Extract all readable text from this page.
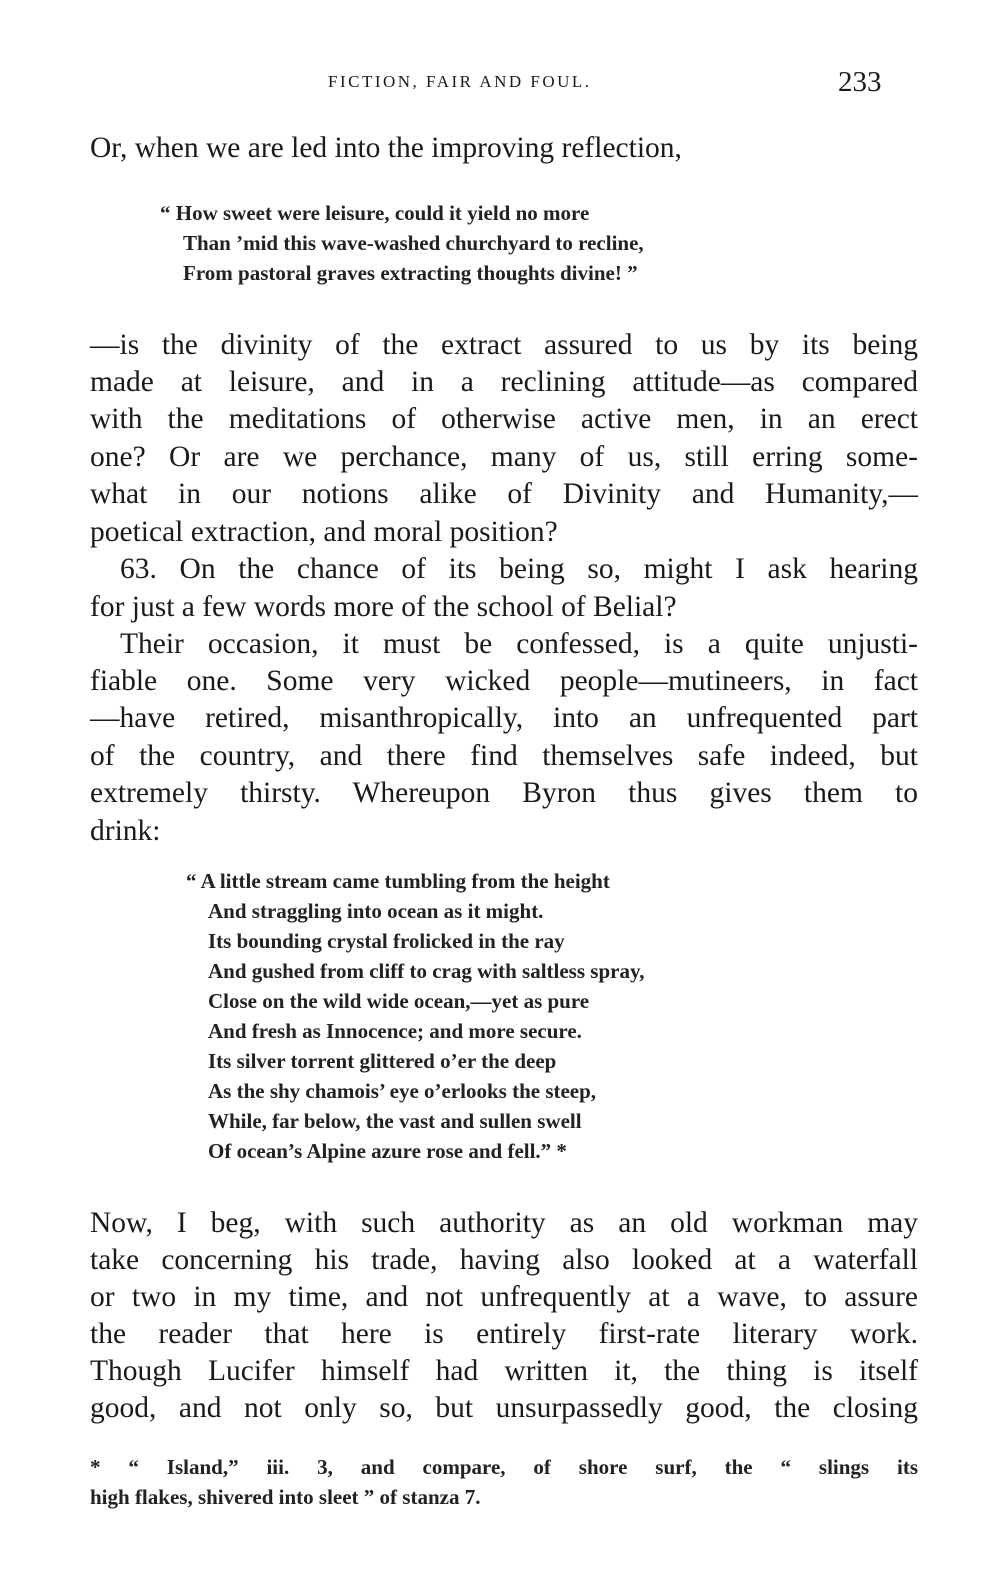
FICTION, FAIR AND FOUL.	233
Or, when we are led into the improving reflection,
“ How sweet were leisure, could it yield no more
Than ’mid this wave-washed churchyard to recline,
From pastoral graves extracting thoughts divine! ”
—is the divinity of the extract assured to us by its being
made at leisure, and in a reclining attitude—as compared
with the meditations of otherwise active men, in an erect
one? Or are we perchance, many of us, still erring some-
what in our notions alike of Divinity and Humanity,—
poetical extraction, and moral position?
63. On the chance of its being so, might I ask hearing
for just a few words more of the school of Belial?
Their occasion, it must be confessed, is a quite unjusti-
fiable one. Some very wicked people—mutineers, in fact
—have retired, misanthropically, into an unfrequented part
of the country, and there find themselves safe indeed, but
extremely thirsty. Whereupon Byron thus gives them to
drink:
“ A little stream came tumbling from the height
And straggling into ocean as it might.
Its bounding crystal frolicked in the ray
And gushed from cliff to crag with saltless spray,
Close on the wild wide ocean,—yet as pure
And fresh as Innocence; and more secure.
Its silver torrent glittered o’er the deep
As the shy chamois’ eye o’erlooks the steep,
While, far below, the vast and sullen swell
Of ocean’s Alpine azure rose and fell.” *
Now, I beg, with such authority as an old workman may
take concerning his trade, having also looked at a waterfall
or two in my time, and not unfrequently at a wave, to assure
the reader that here is entirely first-rate literary work.
Though Lucifer himself had written it, the thing is itself
good, and not only so, but unsurpassedly good, the closing
* “ Island,” iii. 3, and compare, of shore surf, the “ slings its
high flakes, shivered into sleet ” of stanza 7.
